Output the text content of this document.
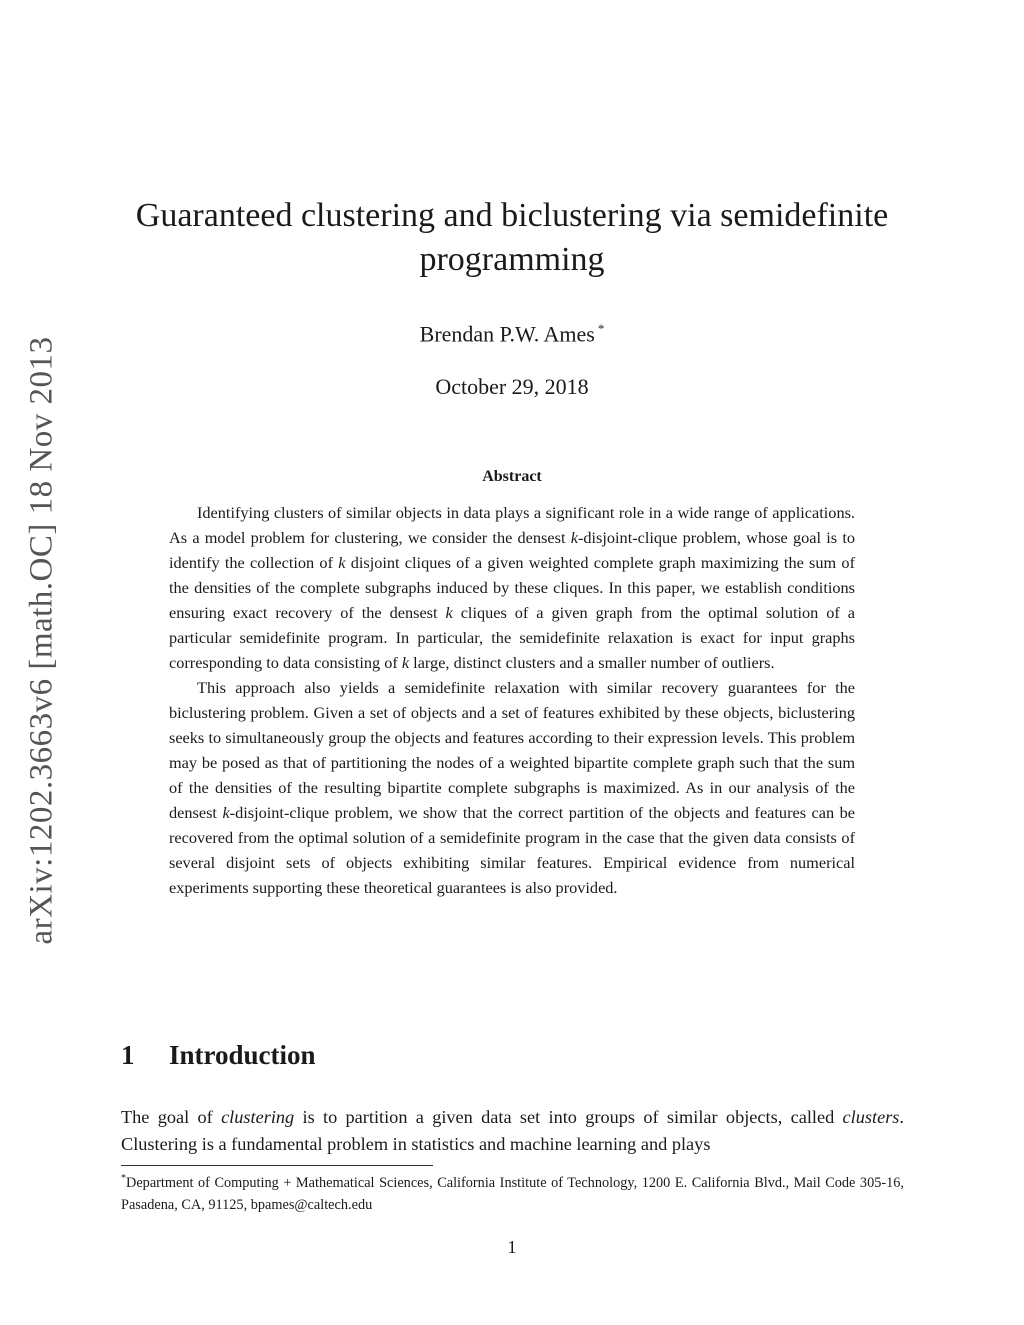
arXiv:1202.3663v6 [math.OC] 18 Nov 2013
Guaranteed clustering and biclustering via semidefinite programming
Brendan P.W. Ames *
October 29, 2018
Abstract

Identifying clusters of similar objects in data plays a significant role in a wide range of applications. As a model problem for clustering, we consider the densest k-disjoint-clique problem, whose goal is to identify the collection of k disjoint cliques of a given weighted complete graph maximizing the sum of the densities of the complete subgraphs induced by these cliques. In this paper, we establish conditions ensuring exact recovery of the densest k cliques of a given graph from the optimal solution of a particular semidefinite program. In particular, the semidefinite relaxation is exact for input graphs corresponding to data consisting of k large, distinct clusters and a smaller number of outliers.

This approach also yields a semidefinite relaxation with similar recovery guarantees for the biclustering problem. Given a set of objects and a set of features exhibited by these objects, biclustering seeks to simultaneously group the objects and features according to their expression levels. This problem may be posed as that of partitioning the nodes of a weighted bipartite complete graph such that the sum of the densities of the resulting bipartite complete subgraphs is maximized. As in our analysis of the densest k-disjoint-clique problem, we show that the correct partition of the objects and features can be recovered from the optimal solution of a semidefinite program in the case that the given data consists of several disjoint sets of objects exhibiting similar features. Empirical evidence from numerical experiments supporting these theoretical guarantees is also provided.

1 Introduction

The goal of clustering is to partition a given data set into groups of similar objects, called clusters. Clustering is a fundamental problem in statistics and machine learning and plays

*Department of Computing + Mathematical Sciences, California Institute of Technology, 1200 E. California Blvd., Mail Code 305-16, Pasadena, CA, 91125, bpames@caltech.edu

1
